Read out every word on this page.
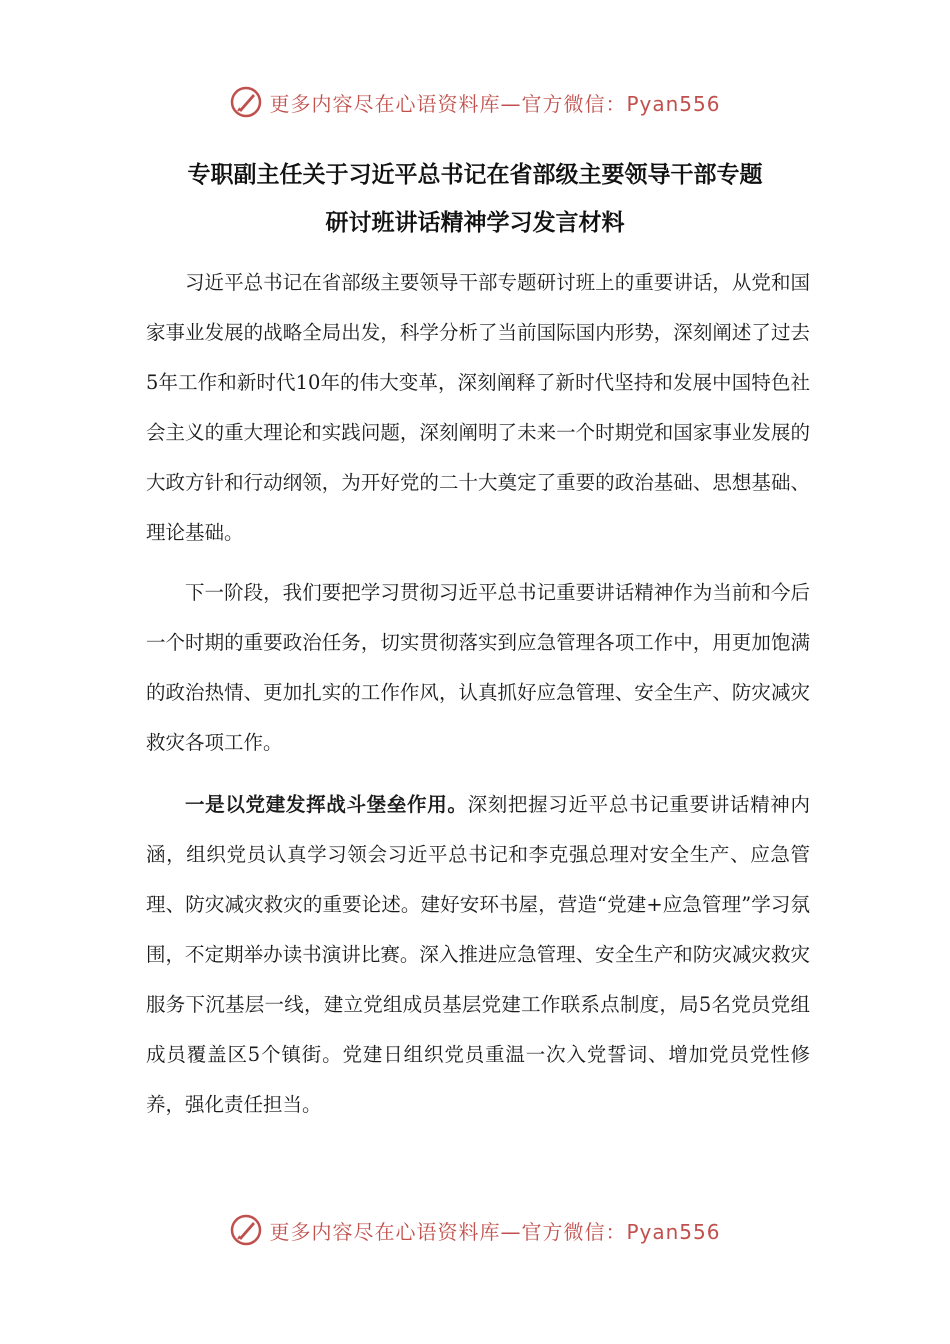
更多内容尽在心语资料库—官方微信：Pyan556
专职副主任关于习近平总书记在省部级主要领导干部专题
研讨班讲话精神学习发言材料

习近平总书记在省部级主要领导干部专题研讨班上的重要讲话，从党和国家事业发展的战略全局出发，科学分析了当前国际国内形势，深刻阐述了过去5年工作和新时代10年的伟大变革，深刻阐释了新时代坚持和发展中国特色社会主义的重大理论和实践问题，深刻阐明了未来一个时期党和国家事业发展的大政方针和行动纲领，为开好党的二十大奠定了重要的政治基础、思想基础、理论基础。

下一阶段，我们要把学习贯彻习近平总书记重要讲话精神作为当前和今后一个时期的重要政治任务，切实贯彻落实到应急管理各项工作中，用更加饱满的政治热情、更加扎实的工作作风，认真抓好应急管理、安全生产、防灾减灾救灾各项工作。

一是以党建发挥战斗堡垒作用。深刻把握习近平总书记重要讲话精神内涵，组织党员认真学习领会习近平总书记和李克强总理对安全生产、应急管理、防灾减灾救灾的重要论述。建好安环书屋，营造“党建+应急管理”学习氛围，不定期举办读书演讲比赛。深入推进应急管理、安全生产和防灾减灾救灾服务下沉基层一线，建立党组成员基层党建工作联系点制度，局5名党员党组成员覆盖区5个镇街。党建日组织党员重温一次入党誓词、增加党员党性修养，强化责任担当。

更多内容尽在心语资料库—官方微信：Pyan556
